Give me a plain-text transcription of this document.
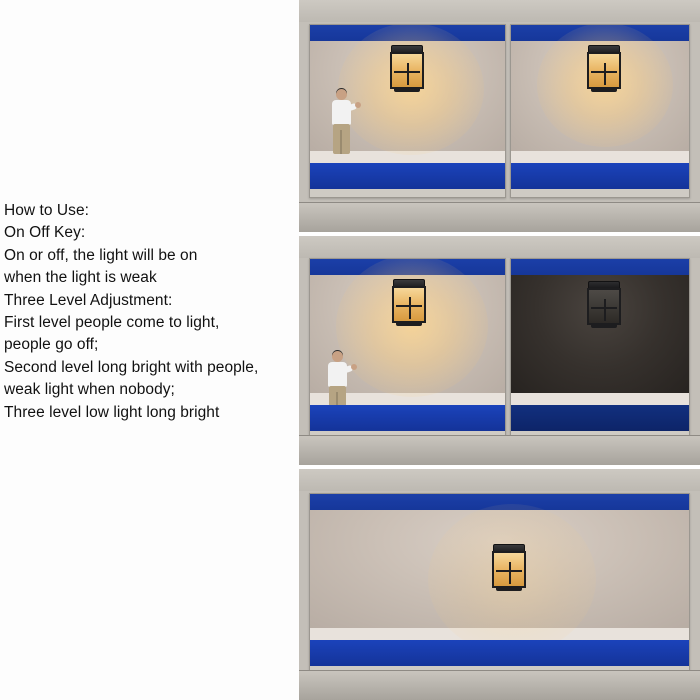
How to Use:
On Off Key:
On or off, the light will be on
when the light is weak
Three Level Adjustment:
First level people come to light,
people go off;
Second level long bright with people,
weak light when nobody;
Three level low light long bright
